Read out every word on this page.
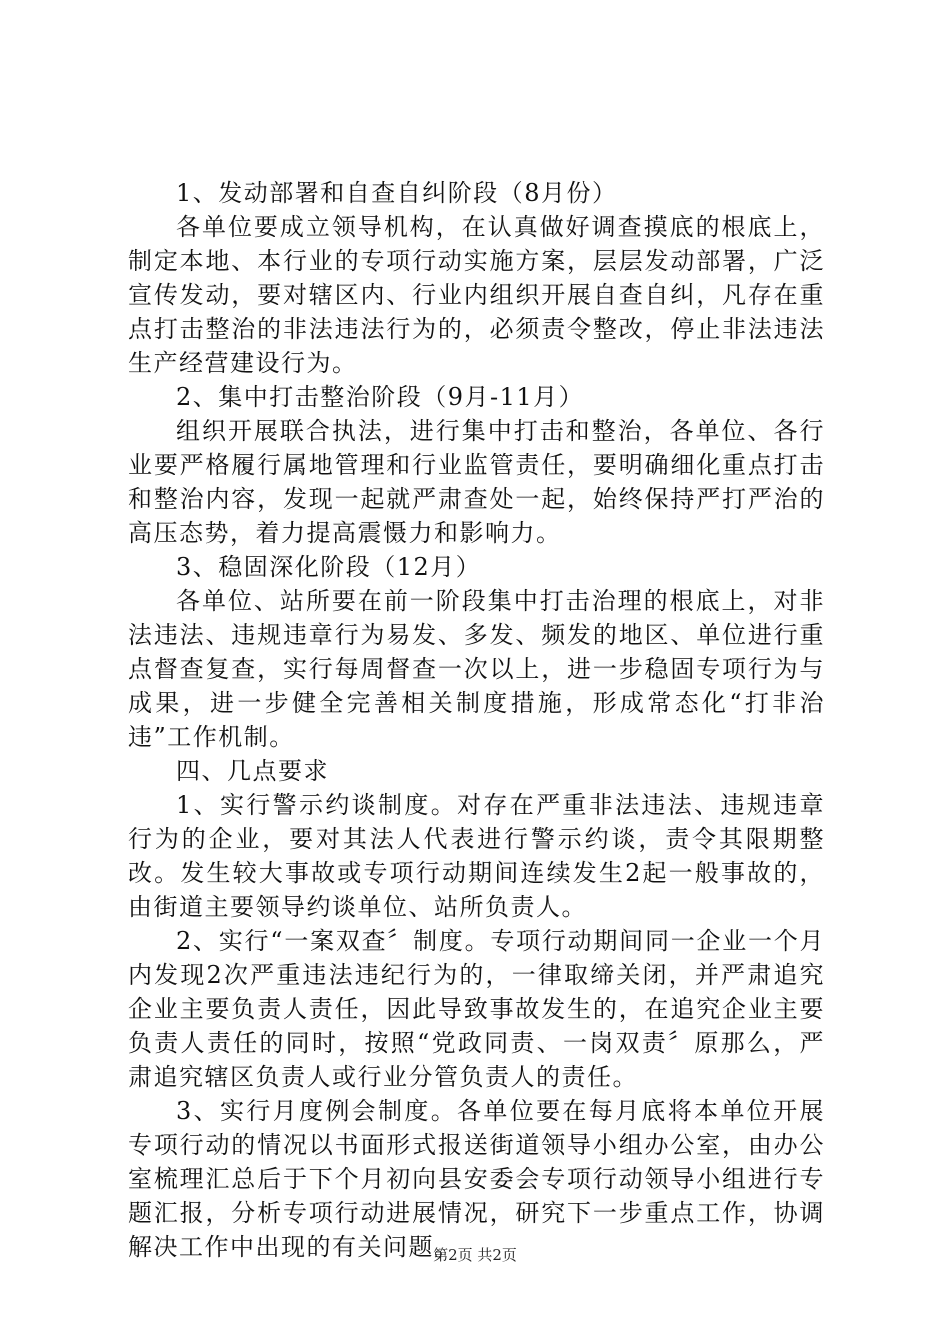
1、发动部署和自查自纠阶段（8月份）

各单位要成立领导机构，在认真做好调查摸底的根底上，制定本地、本行业的专项行动实施方案，层层发动部署，广泛宣传发动，要对辖区内、行业内组织开展自查自纠，凡存在重点打击整治的非法违法行为的，必须责令整改，停止非法违法生产经营建设行为。

2、集中打击整治阶段（9月-11月）

组织开展联合执法，进行集中打击和整治，各单位、各行业要严格履行属地管理和行业监管责任，要明确细化重点打击和整治内容，发现一起就严肃查处一起，始终保持严打严治的高压态势，着力提高震慑力和影响力。

3、稳固深化阶段（12月）

各单位、站所要在前一阶段集中打击治理的根底上，对非法违法、违规违章行为易发、多发、频发的地区、单位进行重点督查复查，实行每周督查一次以上，进一步稳固专项行为与成果，进一步健全完善相关制度措施，形成常态化“打非治违”工作机制。

四、几点要求

1、实行警示约谈制度。对存在严重非法违法、违规违章行为的企业，要对其法人代表进行警示约谈，责令其限期整改。发生较大事故或专项行动期间连续发生2起一般事故的，由街道主要领导约谈单位、站所负责人。

2、实行“一案双查〞制度。专项行动期间同一企业一个月内发现2次严重违法违纪行为的，一律取缔关闭，并严肃追究企业主要负责人责任，因此导致事故发生的，在追究企业主要负责人责任的同时，按照“党政同责、一岗双责〞原那么，严肃追究辖区负责人或行业分管负责人的责任。

3、实行月度例会制度。各单位要在每月底将本单位开展专项行动的情况以书面形式报送街道领导小组办公室，由办公室梳理汇总后于下个月初向县安委会专项行动领导小组进行专题汇报，分析专项行动进展情况，研究下一步重点工作，协调解决工作中出现的有关问题。

第2页 共2页
